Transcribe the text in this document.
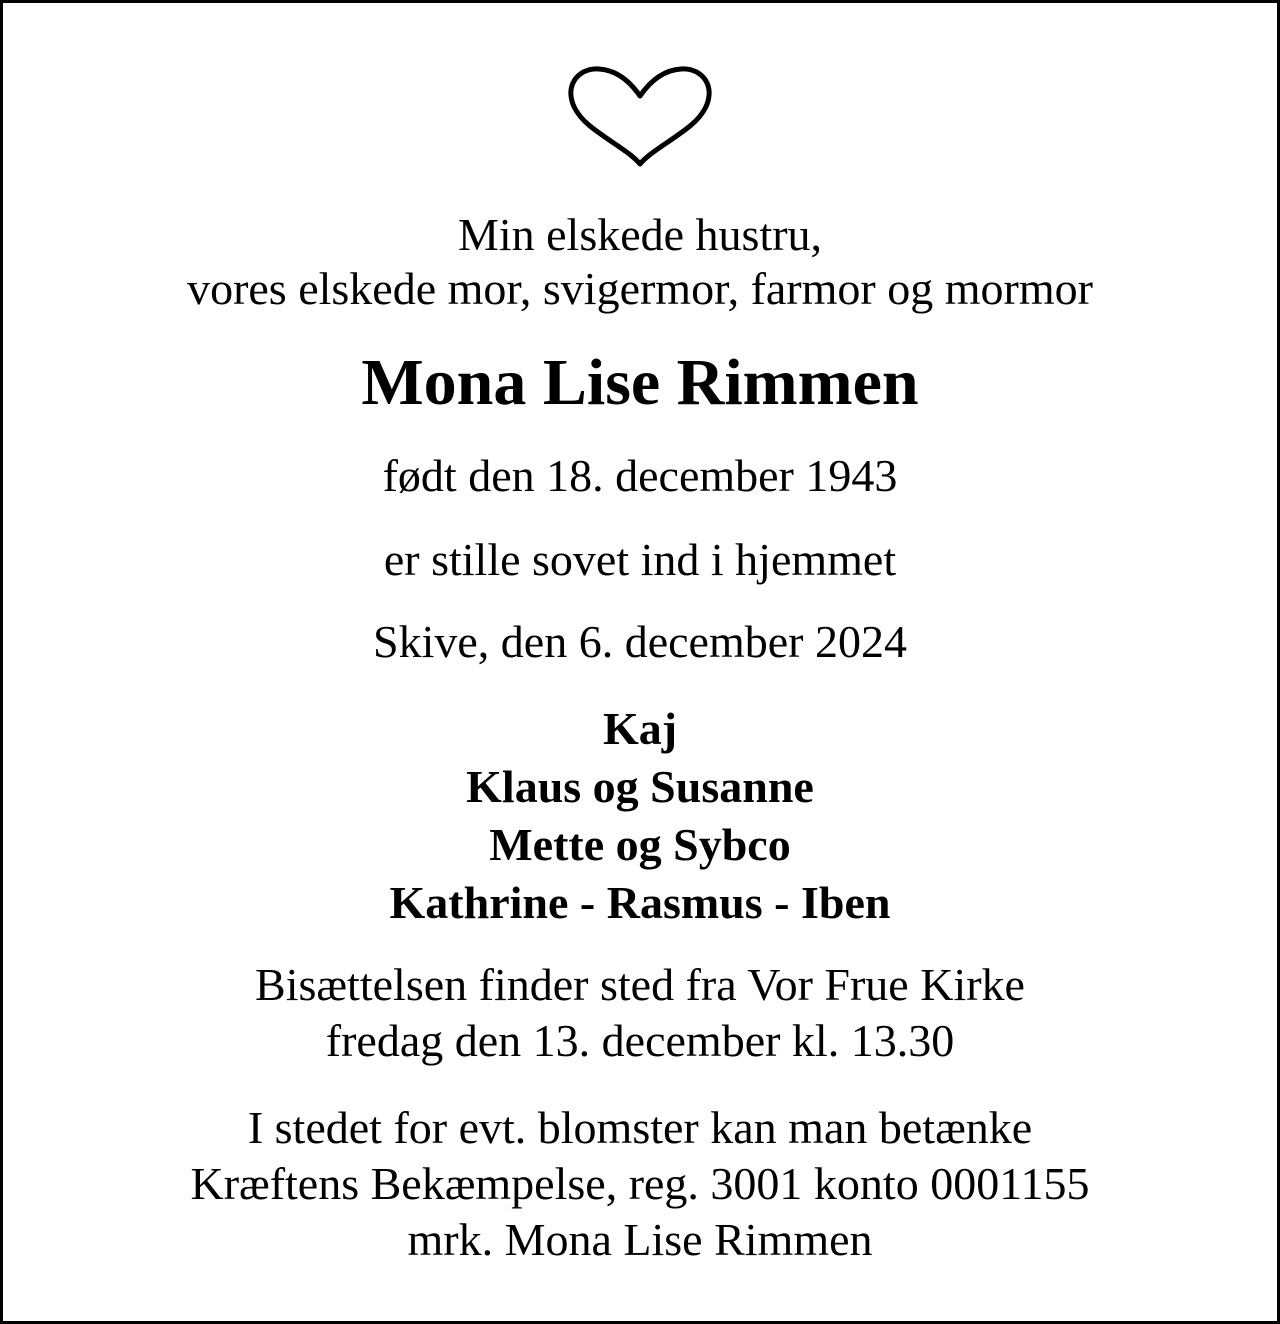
Min elskede hustru,
vores elskede mor, svigermor, farmor og mormor
Mona Lise Rimmen
født den 18. december 1943
er stille sovet ind i hjemmet
Skive, den 6. december 2024
Kaj
Klaus og Susanne
Mette og Sybco
Kathrine - Rasmus - Iben
Bisættelsen finder sted fra Vor Frue Kirke
fredag den 13. december kl. 13.30
I stedet for evt. blomster kan man betænke
Kræftens Bekæmpelse, reg. 3001 konto 0001155
mrk. Mona Lise Rimmen
